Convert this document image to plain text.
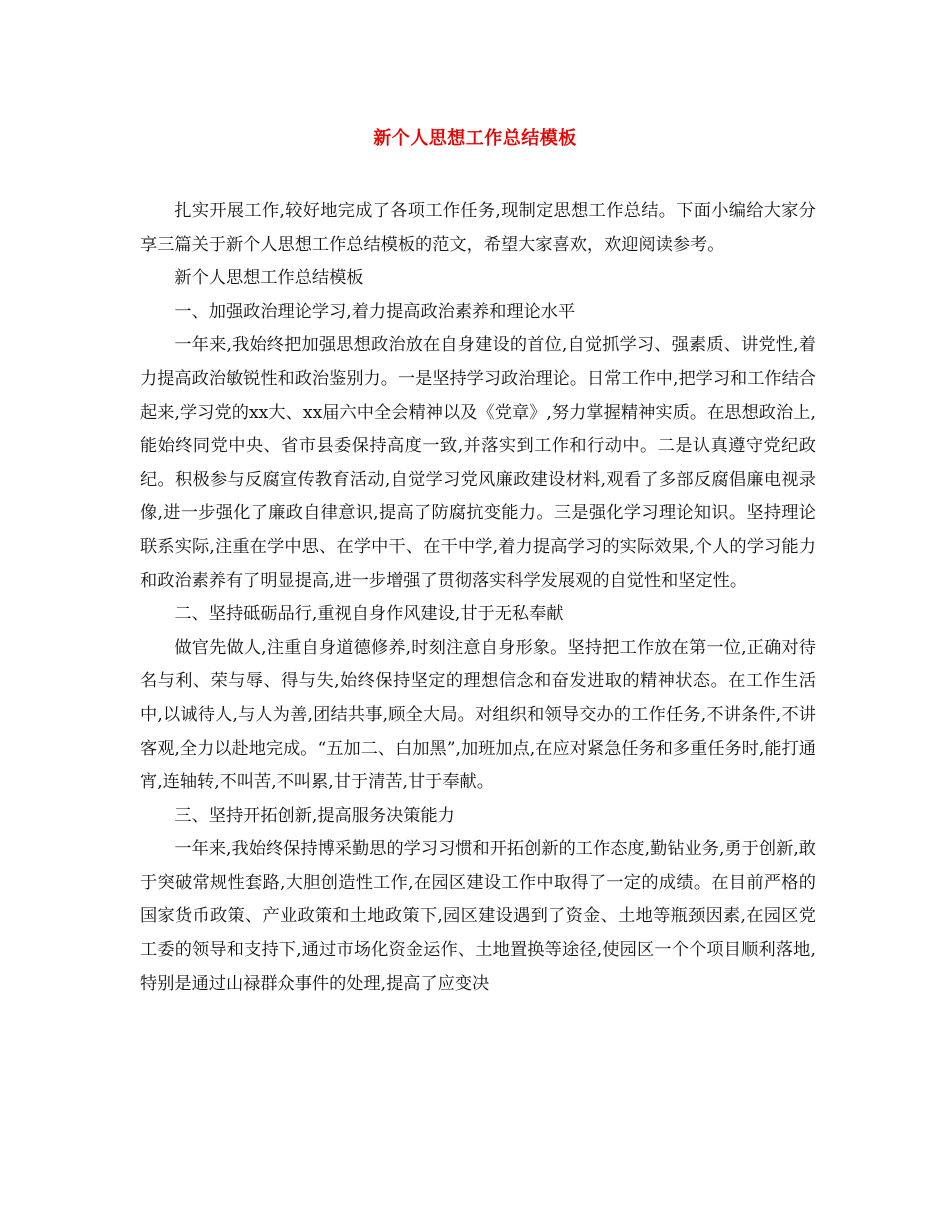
新个人思想工作总结模板

扎实开展工作,较好地完成了各项工作任务,现制定思想工作总结。下面小编给大家分享三篇关于新个人思想工作总结模板的范文，希望大家喜欢，欢迎阅读参考。

新个人思想工作总结模板

一、加强政治理论学习,着力提高政治素养和理论水平

一年来,我始终把加强思想政治放在自身建设的首位,自觉抓学习、强素质、讲党性,着力提高政治敏锐性和政治鉴别力。一是坚持学习政治理论。日常工作中,把学习和工作结合起来,学习党的xx大、xx届六中全会精神以及《党章》,努力掌握精神实质。在思想政治上,能始终同党中央、省市县委保持高度一致,并落实到工作和行动中。二是认真遵守党纪政纪。积极参与反腐宣传教育活动,自觉学习党风廉政建设材料,观看了多部反腐倡廉电视录像,进一步强化了廉政自律意识,提高了防腐抗变能力。三是强化学习理论知识。坚持理论联系实际,注重在学中思、在学中干、在干中学,着力提高学习的实际效果,个人的学习能力和政治素养有了明显提高,进一步增强了贯彻落实科学发展观的自觉性和坚定性。

二、坚持砥砺品行,重视自身作风建设,甘于无私奉献

做官先做人,注重自身道德修养,时刻注意自身形象。坚持把工作放在第一位,正确对待名与利、荣与辱、得与失,始终保持坚定的理想信念和奋发进取的精神状态。在工作生活中,以诚待人,与人为善,团结共事,顾全大局。对组织和领导交办的工作任务,不讲条件,不讲客观,全力以赴地完成。“五加二、白加黑”,加班加点,在应对紧急任务和多重任务时,能打通宵,连轴转,不叫苦,不叫累,甘于清苦,甘于奉献。

三、坚持开拓创新,提高服务决策能力

一年来,我始终保持博采勤思的学习习惯和开拓创新的工作态度,勤钻业务,勇于创新,敢于突破常规性套路,大胆创造性工作,在园区建设工作中取得了一定的成绩。在目前严格的国家货币政策、产业政策和土地政策下,园区建设遇到了资金、土地等瓶颈因素,在园区党工委的领导和支持下,通过市场化资金运作、土地置换等途径,使园区一个个项目顺利落地,特别是通过山禄群众事件的处理,提高了应变决
